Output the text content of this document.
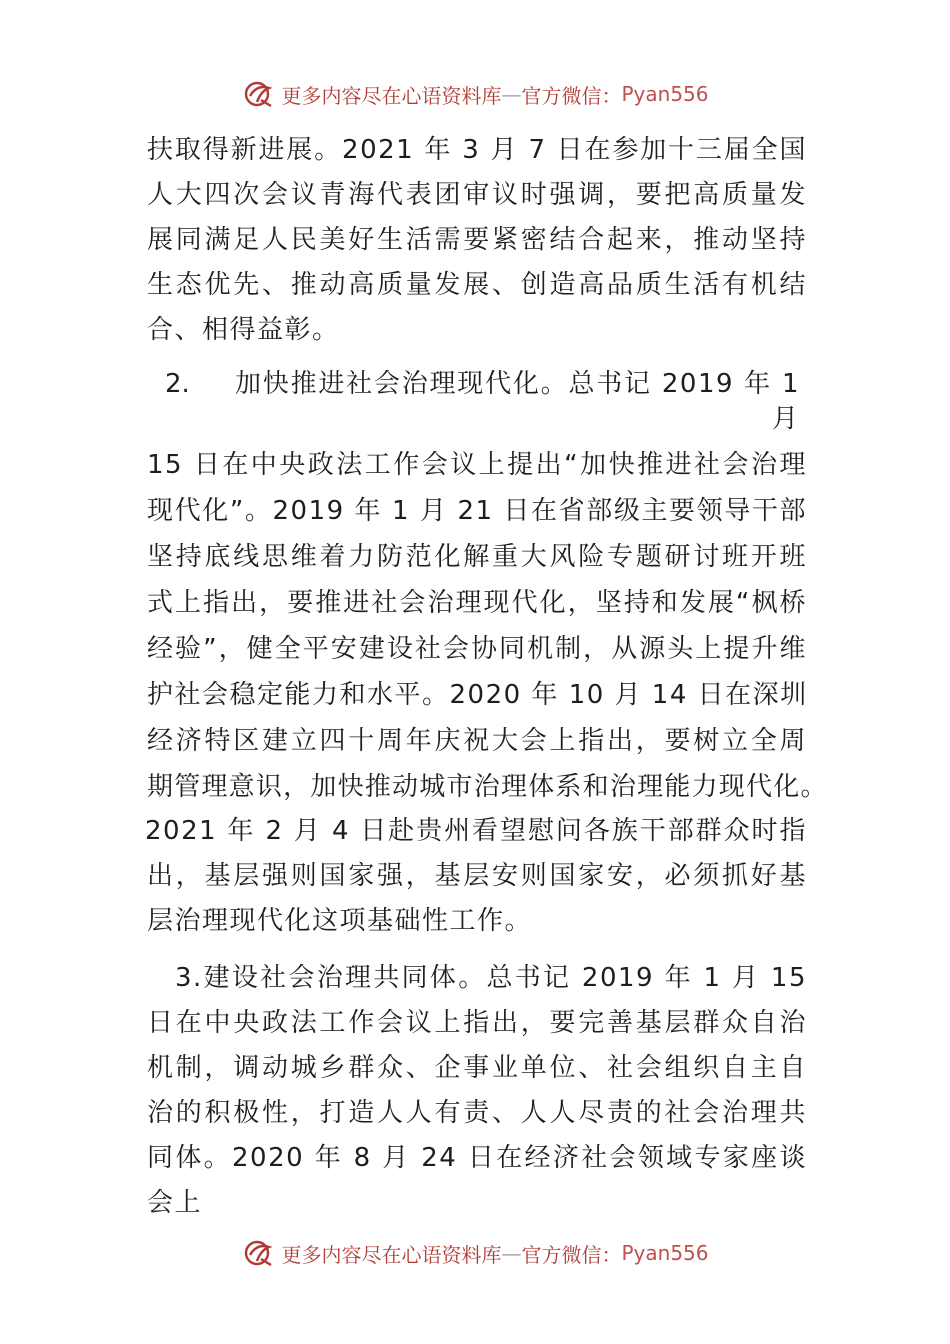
更多内容尽在心语资料库 — 官方微信： Pyan556
扶取得新进展。2021 年 3 月 7 日在参加十三届全国
人大四次会议青海代表团审议时强调，要把高质量发
展同满足人民美好生活需要紧密结合起来，推动坚持
生态优先、推动高质量发展、创造高品质生活有机结
合、相得益彰。
2. 加快推进社会治理现代化。总书记 2019 年 1
月
15 日在中央政法工作会议上提出“加快推进社会治理
现代化”。2019 年 1 月 21 日在省部级主要领导干部
坚持底线思维着力防范化解重大风险专题研讨班开班
式上指出，要推进社会治理现代化，坚持和发展“枫桥
经验”，健全平安建设社会协同机制，从源头上提升维
护社会稳定能力和水平。2020 年 10 月 14 日在深圳
经济特区建立四十周年庆祝大会上指出，要树立全周
期管理意识，加快推动城市治理体系和治理能力现代化。
2021 年 2 月 4 日赴贵州看望慰问各族干部群众时指
出，基层强则国家强，基层安则国家安，必须抓好基
层治理现代化这项基础性工作。
3.建设社会治理共同体。总书记 2019 年 1 月 15
日在中央政法工作会议上指出，要完善基层群众自治
机制，调动城乡群众、企事业单位、社会组织自主自
治的积极性，打造人人有责、人人尽责的社会治理共
同体。2020 年 8 月 24 日在经济社会领域专家座谈
会上
更多内容尽在心语资料库 — 官方微信： Pyan556
